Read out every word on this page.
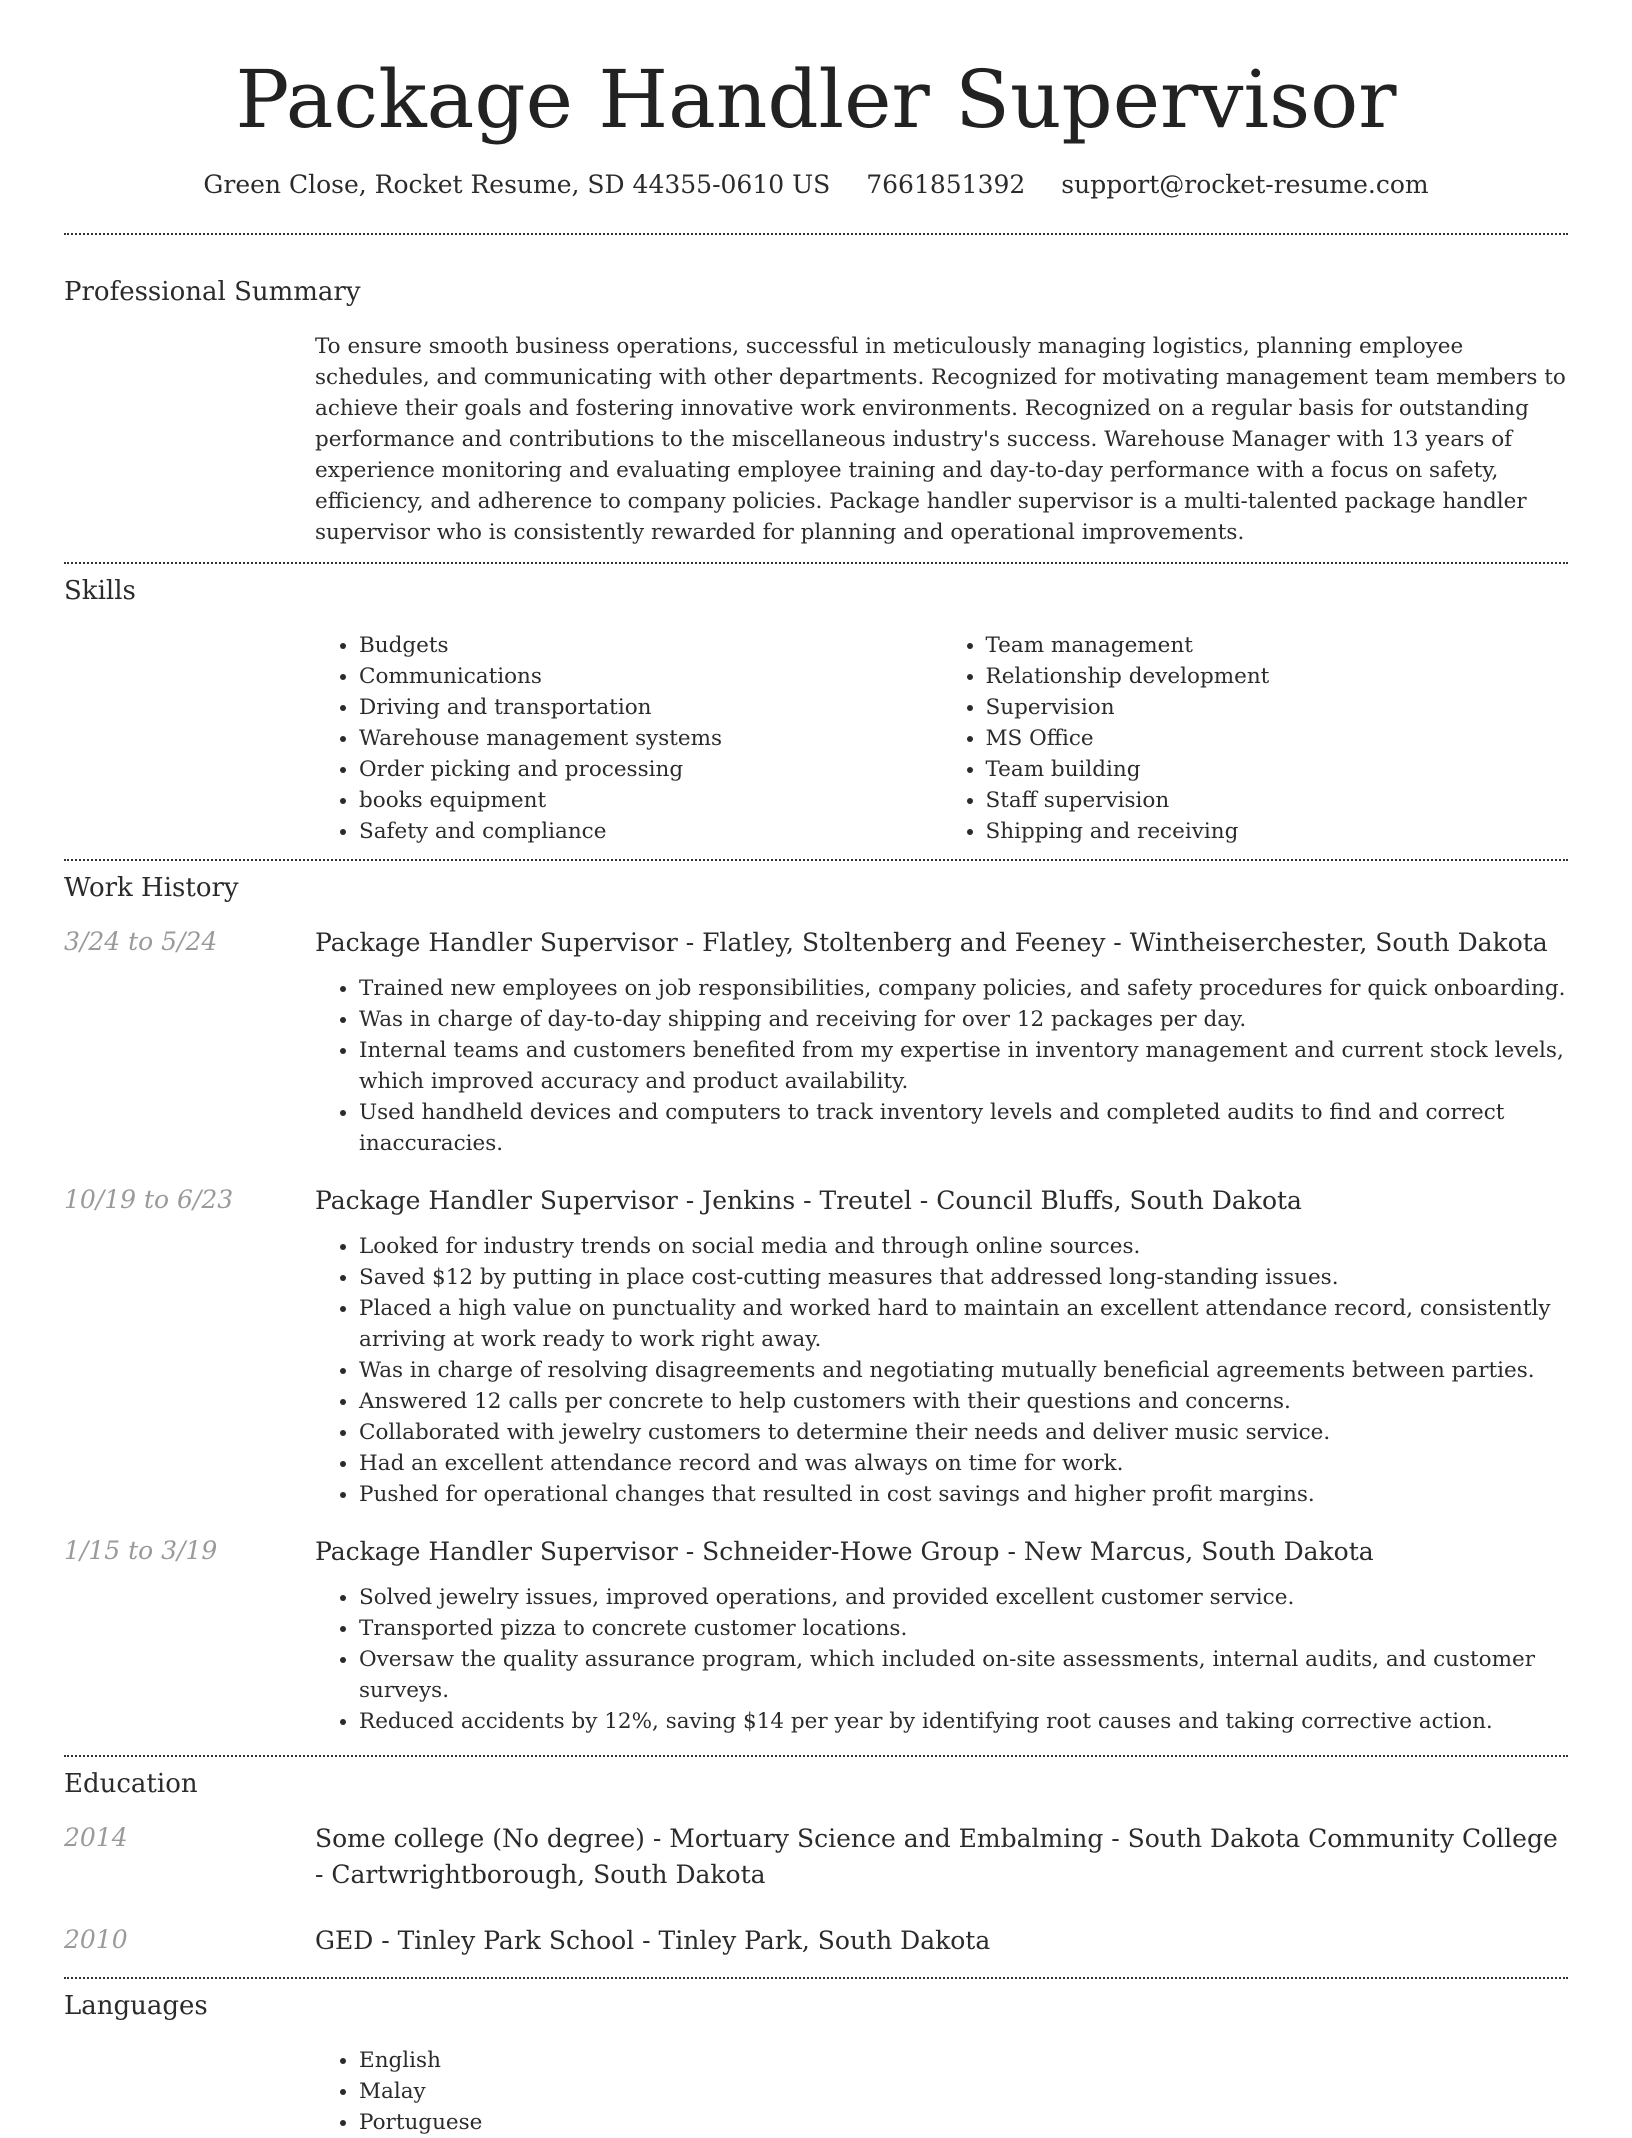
Package Handler Supervisor
Green Close, Rocket Resume, SD 44355-0610 US 7661851392 support@rocket-resume.com
Professional Summary
To ensure smooth business operations, successful in meticulously managing logistics, planning employee schedules, and communicating with other departments. Recognized for motivating management team members to achieve their goals and fostering innovative work environments. Recognized on a regular basis for outstanding performance and contributions to the miscellaneous industry's success. Warehouse Manager with 13 years of experience monitoring and evaluating employee training and day-to-day performance with a focus on safety, efficiency, and adherence to company policies. Package handler supervisor is a multi-talented package handler supervisor who is consistently rewarded for planning and operational improvements.
Skills
• Budgets
• Communications
• Driving and transportation
• Warehouse management systems
• Order picking and processing
• books equipment
• Safety and compliance
• Team management
• Relationship development
• Supervision
• MS Office
• Team building
• Staff supervision
• Shipping and receiving
Work History
3/24 to 5/24	Package Handler Supervisor - Flatley, Stoltenberg and Feeney - Wintheiserchester, South Dakota
• Trained new employees on job responsibilities, company policies, and safety procedures for quick onboarding.
• Was in charge of day-to-day shipping and receiving for over 12 packages per day.
• Internal teams and customers benefited from my expertise in inventory management and current stock levels, which improved accuracy and product availability.
• Used handheld devices and computers to track inventory levels and completed audits to find and correct inaccuracies.
10/19 to 6/23	Package Handler Supervisor - Jenkins - Treutel - Council Bluffs, South Dakota
• Looked for industry trends on social media and through online sources.
• Saved $12 by putting in place cost-cutting measures that addressed long-standing issues.
• Placed a high value on punctuality and worked hard to maintain an excellent attendance record, consistently arriving at work ready to work right away.
• Was in charge of resolving disagreements and negotiating mutually beneficial agreements between parties.
• Answered 12 calls per concrete to help customers with their questions and concerns.
• Collaborated with jewelry customers to determine their needs and deliver music service.
• Had an excellent attendance record and was always on time for work.
• Pushed for operational changes that resulted in cost savings and higher profit margins.
1/15 to 3/19	Package Handler Supervisor - Schneider-Howe Group - New Marcus, South Dakota
• Solved jewelry issues, improved operations, and provided excellent customer service.
• Transported pizza to concrete customer locations.
• Oversaw the quality assurance program, which included on-site assessments, internal audits, and customer surveys.
• Reduced accidents by 12%, saving $14 per year by identifying root causes and taking corrective action.
Education
2014	Some college (No degree) - Mortuary Science and Embalming - South Dakota Community College - Cartwrightborough, South Dakota
2010	GED - Tinley Park School - Tinley Park, South Dakota
Languages
• English
• Malay
• Portuguese
